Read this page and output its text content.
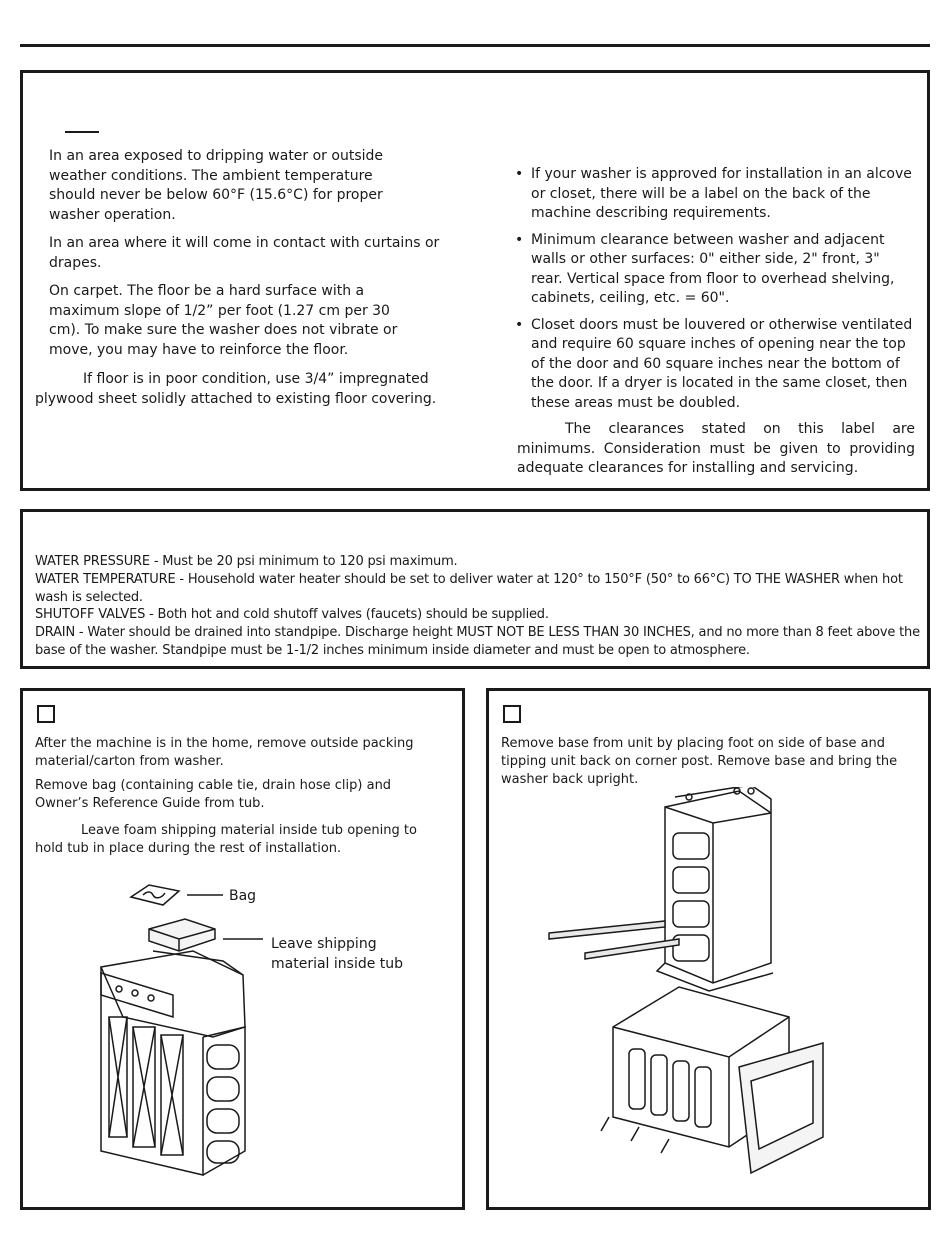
In an area exposed to dripping water or outside weather conditions. The ambient temperature should never be below 60°F (15.6°C) for proper washer operation.

In an area where it will come in contact with curtains or drapes.

On carpet. The floor be a hard surface with a maximum slope of 1/2” per foot (1.27 cm per 30 cm). To make sure the washer does not vibrate or move, you may have to reinforce the floor.

If floor is in poor condition, use 3/4” impregnated plywood sheet solidly attached to existing floor covering.

• If your washer is approved for installation in an alcove or closet, there will be a label on the back of the machine describing requirements.
• Minimum clearance between washer and adjacent walls or other surfaces: 0" either side, 2" front, 3" rear. Vertical space from floor to overhead shelving, cabinets, ceiling, etc. = 60".
• Closet doors must be louvered or otherwise ventilated and require 60 square inches of opening near the top of the door and 60 square inches near the bottom of the door. If a dryer is located in the same closet, then these areas must be doubled.

The clearances stated on this label are minimums. Consideration must be given to providing adequate clearances for installing and servicing.

WATER PRESSURE - Must be 20 psi minimum to 120 psi maximum.
WATER TEMPERATURE - Household water heater should be set to deliver water at 120° to 150°F (50° to 66°C) TO THE WASHER when hot wash is selected.
SHUTOFF VALVES - Both hot and cold shutoff valves (faucets) should be supplied.
DRAIN - Water should be drained into standpipe. Discharge height MUST NOT BE LESS THAN 30 INCHES, and no more than 8 feet above the base of the washer. Standpipe must be 1-1/2 inches minimum inside diameter and must be open to atmosphere.

After the machine is in the home, remove outside packing material/carton from washer.

Remove bag (containing cable tie, drain hose clip) and Owner’s Reference Guide from tub.

Leave foam shipping material inside tub opening to hold tub in place during the rest of installation.

Bag
Leave shipping material inside tub

Remove base from unit by placing foot on side of base and tipping unit back on corner post. Remove base and bring the washer back upright.
